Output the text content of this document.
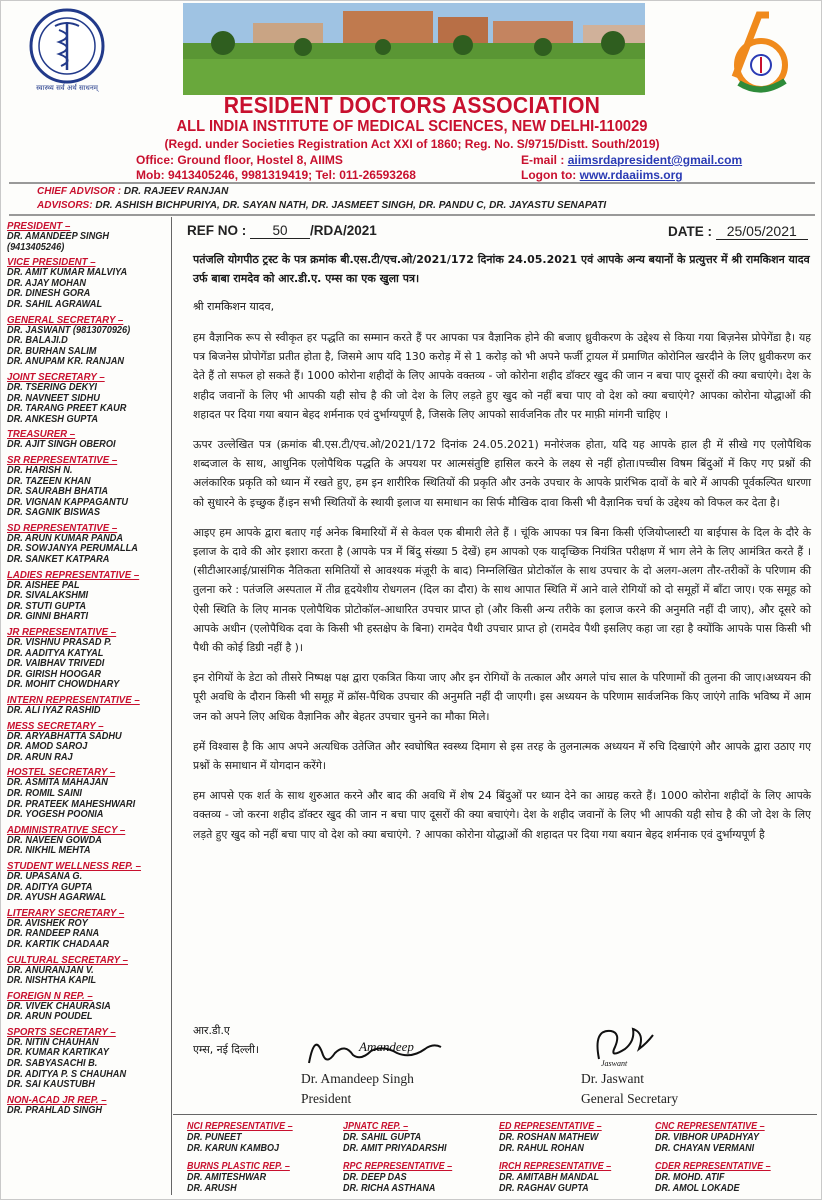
स्वास्थ्य सर्व अर्थ साधनम्
RESIDENT DOCTORS ASSOCIATION
ALL INDIA INSTITUTE OF MEDICAL SCIENCES, NEW DELHI-110029
(Regd. under Societies Registration Act XXI of 1860; Reg. No. S/9715/Distt. South/2019)
Office: Ground floor, Hostel 8, AIIMS
Mob: 9413405246, 9981319419; Tel: 011-26593268
E-mail : aiimsrdapresident@gmail.com
Logon to: www.rdaaiims.org
CHIEF ADVISOR : DR. RAJEEV RANJAN
ADVISORS: DR. ASHISH BICHPURIYA, DR. SAYAN NATH, DR. JASMEET SINGH, DR. PANDU C, DR. JAYASTU SENAPATI
PRESIDENT –
DR. AMANDEEP SINGH
(9413405246)
VICE PRESIDENT –
DR. AMIT KUMAR MALVIYA
DR. AJAY MOHAN
DR. DINESH GORA
DR. SAHIL AGRAWAL
GENERAL SECRETARY –
DR. JASWANT (9813070926)
DR. BALAJI.D
DR. BURHAN SALIM
DR. ANUPAM KR. RANJAN
JOINT SECRETARY –
DR. TSERING DEKYI
DR. NAVNEET SIDHU
DR. TARANG PREET KAUR
DR. ANKESH GUPTA
TREASURER –
DR. AJIT SINGH OBEROI
SR REPRESENTATIVE –
DR. HARISH N.
DR. TAZEEN KHAN
DR. SAURABH BHATIA
DR. VIGNAN KAPPAGANTU
DR. SAGNIK BISWAS
SD REPRESENTATIVE –
DR. ARUN KUMAR PANDA
DR. SOWJANYA PERUMALLA
DR. SANKET KATPARA
LADIES REPRESENTATIVE –
DR. AISHEE PAL
DR. SIVALAKSHMI
DR. STUTI GUPTA
DR. GINNI BHARTI
JR REPRESENTATIVE –
DR. VISHNU PRASAD P.
DR. AADITYA KATYAL
DR. VAIBHAV TRIVEDI
DR. GIRISH HOOGAR
DR. MOHIT CHOWDHARY
INTERN REPRESENTATIVE –
DR. ALI IYAZ RASHID
MESS SECRETARY –
DR. ARYABHATTA SADHU
DR. AMOD SAROJ
DR. ARUN RAJ
HOSTEL SECRETARY –
DR. ASMITA MAHAJAN
DR. ROMIL SAINI
DR. PRATEEK MAHESHWARI
DR. YOGESH POONIA
ADMINISTRATIVE SECY –
DR. NAVEEN GOWDA
DR. NIKHIL MEHTA
STUDENT WELLNESS REP. –
DR. UPASANA G.
DR. ADITYA GUPTA
DR. AYUSH AGARWAL
LITERARY SECRETARY –
DR. AVISHEK ROY
DR. RANDEEP RANA
DR. KARTIK CHADAAR
CULTURAL SECRETARY –
DR. ANURANJAN V.
DR. NISHTHA KAPIL
FOREIGN N REP. –
DR. VIVEK CHAURASIA
DR. ARUN POUDEL
SPORTS SECRETARY –
DR. NITIN CHAUHAN
DR. KUMAR KARTIKAY
DR. SABYASACHI B.
DR. ADITYA P. S CHAUHAN
DR. SAI KAUSTUBH
NON-ACAD JR REP. –
DR. PRAHLAD SINGH
REF NO : 50 /RDA/2021	DATE : 25/05/2021
पतंजलि योगपीठ ट्रस्ट के पत्र क्रमांक बी.एस.टी/एच.ओ/2021/172 दिनांक 24.05.2021 एवं आपके अन्य बयानों के प्रत्युत्तर में श्री रामकिशन यादव उर्फ बाबा रामदेव को आर.डी.ए. एम्स का एक खुला पत्र।
श्री रामकिशन यादव,
हम वैज्ञानिक रूप से स्वीकृत हर पद्धति का सम्मान करते हैं पर आपका पत्र वैज्ञानिक होने की बजाए ध्रुवीकरण के उद्देश्य से किया गया बिज़नेस प्रोपेगेंडा है। यह पत्र बिजनेस प्रोपोगेंडा प्रतीत होता है, जिसमे आप यदि 130 करोड़ में से 1 करोड़ को भी अपने फर्जी ट्रायल में प्रमाणित कोरोनिल खरदीने के लिए ध्रुवीकरण कर देते हैं तो सफल हो सकते हैं। 1000 कोरोना शहीदों के लिए आपके वक्तव्य - जो कोरोना शहीद डॉक्टर खुद की जान न बचा पाए दूसरों की क्या बचाएंगे। देश के शहीद जवानों के लिए भी आपकी यही सोच है की जो देश के लिए लड़ते हुए खुद को नहीं बचा पाए वो देश को क्या बचाएंगे? आपका कोरोना योद्धाओं की शहादत पर दिया गया बयान बेहद शर्मनाक एवं दुर्भाग्यपूर्ण है, जिसके लिए आपको सार्वजनिक तौर पर माफ़ी मांगनी चाहिए ।
ऊपर उल्लेखित पत्र (क्रमांक बी.एस.टी/एच.ओ/2021/172 दिनांक 24.05.2021) मनोरंजक होता, यदि यह आपके हाल ही में सीखे गए एलोपैथिक शब्दजाल के साथ, आधुनिक एलोपैथिक पद्धति के अपयश पर आत्मसंतुष्टि हासिल करने के लक्ष्य से नहीं होता।पच्चीस विषम बिंदुओं में किए गए प्रश्नों की अलंकारिक प्रकृति को ध्यान में रखते हुए, हम इन शारीरिक स्थितियों की प्रकृति और उनके उपचार के आपके प्रारंभिक दावों के बारे में आपकी पूर्वकल्पित धारणा को सुधारने के इच्छुक हैं।इन सभी स्थितियों के स्थायी इलाज या समाधान का सिर्फ मौखिक दावा किसी भी वैज्ञानिक चर्चा के उद्देश्य को विफल कर देता है।
आइए हम आपके द्वारा बताए गई अनेक बिमारियों में से केवल एक बीमारी लेते हैं । चूंकि आपका पत्र बिना किसी एंजियोप्लास्टी या बाईपास के दिल के दौरे के इलाज के दावे की ओर इशारा करता है (आपके पत्र में बिंदु संख्या 5 देखें) हम आपको एक यादृच्छिक नियंत्रित परीक्षण में भाग लेने के लिए आमंत्रित करते हैं । (सीटीआरआई/प्रासंगिक नैतिकता समितियों से आवश्यक मंज़ूरी के बाद) निम्नलिखित प्रोटोकॉल के साथ उपचार के दो अलग-अलग तौर-तरीकों के परिणाम की तुलना करे : पतंजलि अस्पताल में तीव्र हृदयेशीय रोधगलन (दिल का दौरा) के साथ आपात स्थिति में आने वाले रोगियों को दो समूहों में बाँटा जाए। एक समूह को ऐसी स्थिति के लिए मानक एलोपैथिक प्रोटोकॉल-आधारित उपचार प्राप्त हो (और किसी अन्य तरीके का इलाज करने की अनुमति नहीं दी जाए), और दूसरे को आपके अधीन (एलोपैथिक दवा के किसी भी हस्तक्षेप के बिना) रामदेव पैथी उपचार प्राप्त हो (रामदेव पैथी इसलिए कहा जा रहा है क्योंकि आपके पास किसी भी पैथी की कोई डिग्री नहीं है )।
इन रोगियों के डेटा को तीसरे निष्पक्ष पक्ष द्वारा एकत्रित किया जाए और इन रोगियों के तत्काल और अगले पांच साल के परिणामों की तुलना की जाए।अध्ययन की पूरी अवधि के दौरान किसी भी समूह में क्रॉस-पैथिक उपचार की अनुमति नहीं दी जाएगी। इस अध्ययन के परिणाम सार्वजनिक किए जाएंगे ताकि भविष्य में आम जन को अपने लिए अधिक वैज्ञानिक और बेहतर उपचार चुनने का मौका मिले।
हमें विश्वास है कि आप अपने अत्यधिक उतेजित और स्वघोषित स्वस्थ्य दिमाग से इस तरह के तुलनात्मक अध्ययन में रुचि दिखाएंगे और आपके द्वारा उठाए गए प्रश्नों के समाधान में योगदान करेंगे।
हम आपसे एक शर्त के साथ शुरुआत करने और बाद की अवधि में शेष 24 बिंदुओं पर ध्यान देने का आग्रह करते हैं। 1000 कोरोना शहीदों के लिए आपके वक्तव्य - जो करना शहीद डॉक्टर खुद की जान न बचा पाए दूसरों की क्या बचाएंगे। देश के शहीद जवानों के लिए भी आपकी यही सोच है की जो देश के लिए लड़ते हुए खुद को नहीं बचा पाए वो देश को क्या बचाएंगे. ? आपका कोरोना योद्धाओं की शहादत पर दिया गया बयान बेहद शर्मनाक एवं दुर्भाग्यपूर्ण है
आर.डी.ए
एम्स, नई दिल्ली।	Amandeep
Dr. Amandeep Singh
President
Jaswant
Dr. Jaswant
General Secretary
NCI REPRESENTATIVE –
DR. PUNEET
DR. KARUN KAMBOJ
JPNATC REP. –
DR. SAHIL GUPTA
DR. AMIT PRIYADARSHI
ED REPRESENTATIVE –
DR. ROSHAN MATHEW
DR. RAHUL ROHAN
CNC REPRESENTATIVE –
DR. VIBHOR UPADHYAY
DR. CHAYAN VERMANI
BURNS PLASTIC REP. –
DR. AMITESHWAR
DR. ARUSH
RPC REPRESENTATIVE –
DR. DEEP DAS
DR. RICHA ASTHANA
IRCH REPRESENTATIVE –
DR. AMITABH MANDAL
DR. RAGHAV GUPTA
CDER REPRESENTATIVE –
DR. MOHD. ATIF
DR. AMOL LOKADE
